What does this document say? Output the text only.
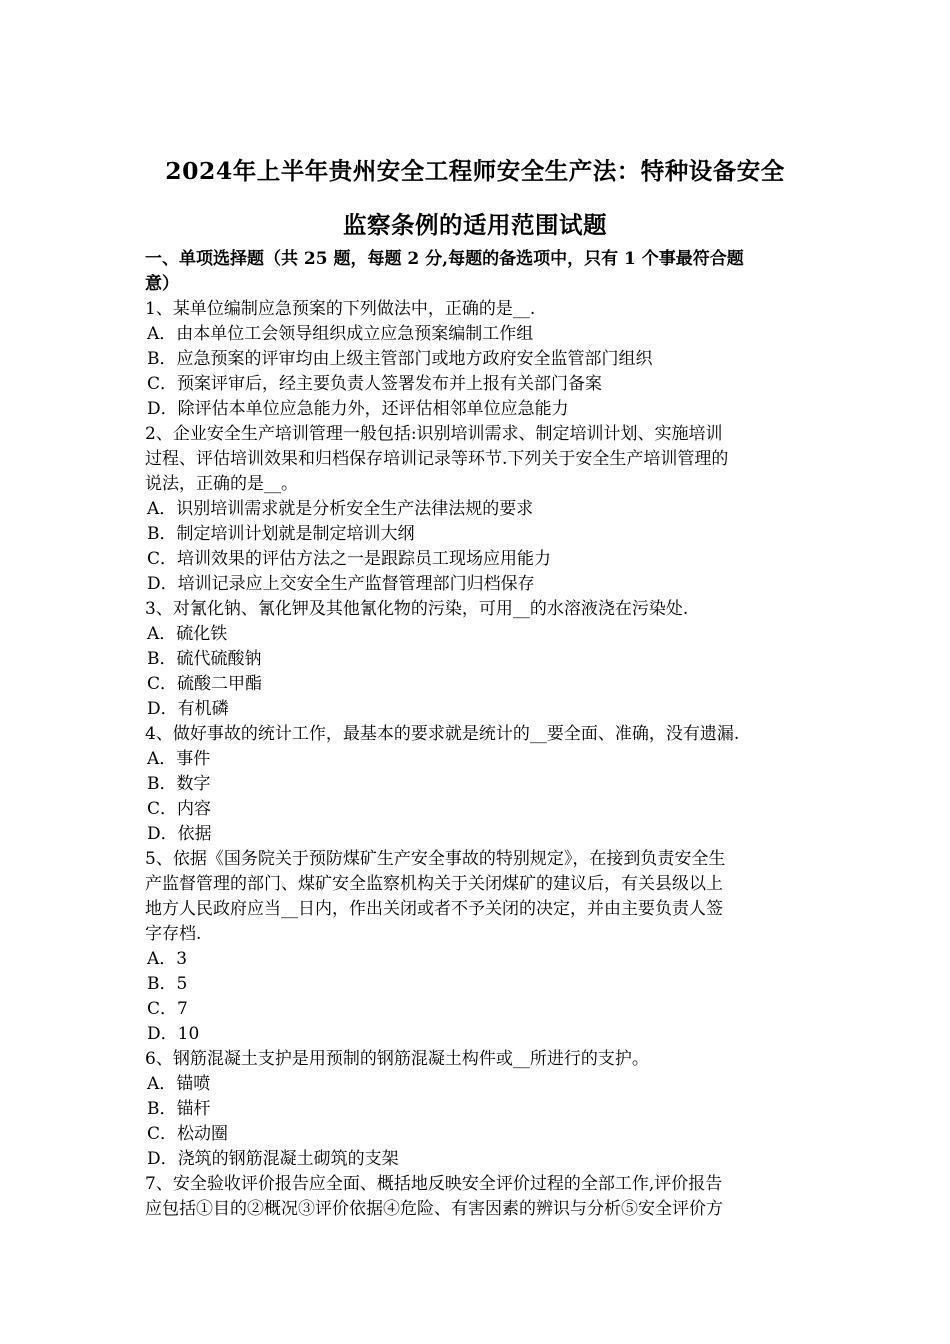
2024年上半年贵州安全工程师安全生产法：特种设备安全
监察条例的适用范围试题
一、单项选择题（共 25 题，每题 2 分,每题的备选项中，只有 1 个事最符合题
意）
1、某单位编制应急预案的下列做法中，正确的是__.
A．由本单位工会领导组织成立应急预案编制工作组
B．应急预案的评审均由上级主管部门或地方政府安全监管部门组织
C．预案评审后，经主要负责人签署发布并上报有关部门备案
D．除评估本单位应急能力外，还评估相邻单位应急能力
2、企业安全生产培训管理一般包括:识别培训需求、制定培训计划、实施培训
过程、评估培训效果和归档保存培训记录等环节.下列关于安全生产培训管理的
说法，正确的是__。
A．识别培训需求就是分析安全生产法律法规的要求
B．制定培训计划就是制定培训大纲
C．培训效果的评估方法之一是跟踪员工现场应用能力
D．培训记录应上交安全生产监督管理部门归档保存
3、对氰化钠、氰化钾及其他氰化物的污染，可用__的水溶液浇在污染处.
A．硫化铁
B．硫代硫酸钠
C．硫酸二甲酯
D．有机磷
4、做好事故的统计工作，最基本的要求就是统计的__要全面、准确，没有遗漏.
A．事件
B．数字
C．内容
D．依据
5、依据《国务院关于预防煤矿生产安全事故的特别规定》，在接到负责安全生
产监督管理的部门、煤矿安全监察机构关于关闭煤矿的建议后，有关县级以上
地方人民政府应当__日内，作出关闭或者不予关闭的决定，并由主要负责人签
字存档.
A．3
B．5
C．7
D．10
6、钢筋混凝土支护是用预制的钢筋混凝土构件或__所进行的支护。
A．锚喷
B．锚杆
C．松动圈
D．浇筑的钢筋混凝土砌筑的支架
7、安全验收评价报告应全面、概括地反映安全评价过程的全部工作,评价报告
应包括①目的②概况③评价依据④危险、有害因素的辨识与分析⑤安全评价方
